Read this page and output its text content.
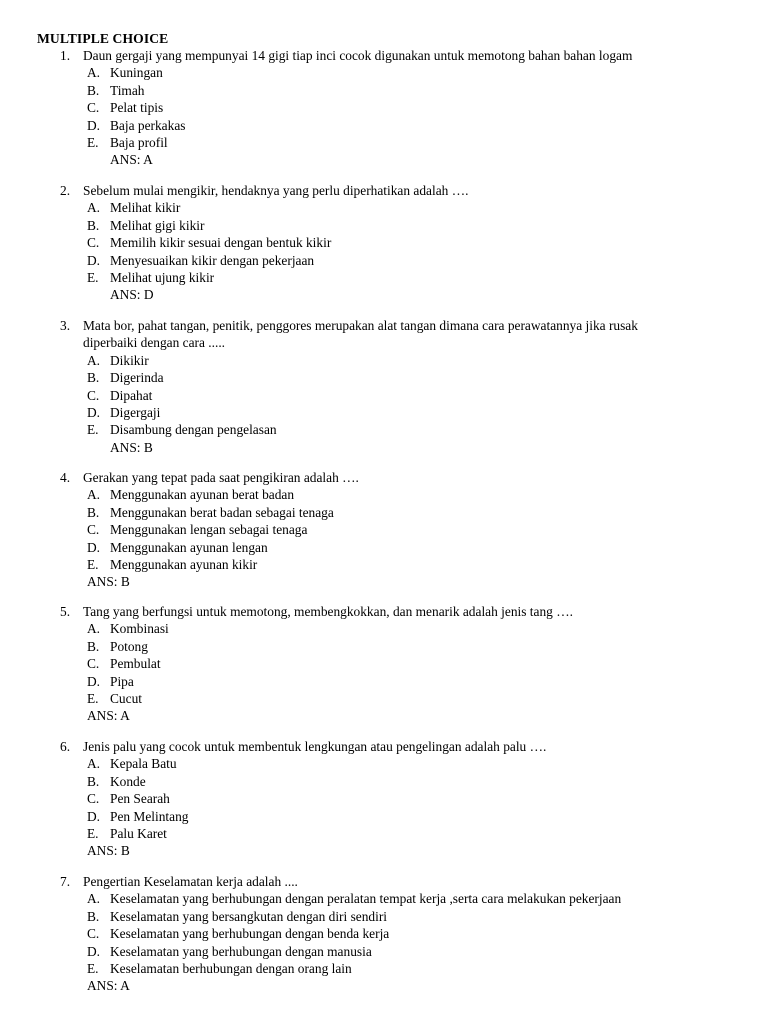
MULTIPLE CHOICE
1. Daun gergaji yang mempunyai 14 gigi tiap inci cocok digunakan untuk memotong bahan bahan logam
A. Kuningan
B. Timah
C. Pelat tipis
D. Baja perkakas
E. Baja profil
ANS: A
2. Sebelum mulai mengikir, hendaknya yang perlu diperhatikan adalah ….
A. Melihat kikir
B. Melihat gigi kikir
C. Memilih kikir sesuai dengan bentuk kikir
D. Menyesuaikan kikir dengan pekerjaan
E. Melihat ujung kikir
ANS: D
3. Mata bor, pahat tangan, penitik, penggores merupakan alat tangan dimana cara perawatannya jika rusak
diperbaiki dengan cara .....
A. Dikikir
B. Digerinda
C. Dipahat
D. Digergaji
E. Disambung dengan pengelasan
ANS: B
4. Gerakan yang tepat pada saat pengikiran adalah ….
A. Menggunakan ayunan berat badan
B. Menggunakan berat badan sebagai tenaga
C. Menggunakan lengan sebagai tenaga
D. Menggunakan ayunan lengan
E. Menggunakan ayunan kikir
ANS: B
5. Tang yang berfungsi untuk memotong, membengkokkan, dan menarik adalah jenis tang ….
A. Kombinasi
B. Potong
C. Pembulat
D. Pipa
E. Cucut
ANS: A
6. Jenis palu yang cocok untuk membentuk lengkungan atau pengelingan adalah palu ….
A. Kepala Batu
B. Konde
C. Pen Searah
D. Pen Melintang
E. Palu Karet
ANS: B
7. Pengertian Keselamatan kerja adalah ....
A. Keselamatan yang berhubungan dengan peralatan tempat kerja ,serta cara melakukan pekerjaan
B. Keselamatan yang bersangkutan dengan diri sendiri
C. Keselamatan yang berhubungan dengan benda kerja
D. Keselamatan yang berhubungan dengan manusia
E. Keselamatan berhubungan dengan orang lain
ANS: A
